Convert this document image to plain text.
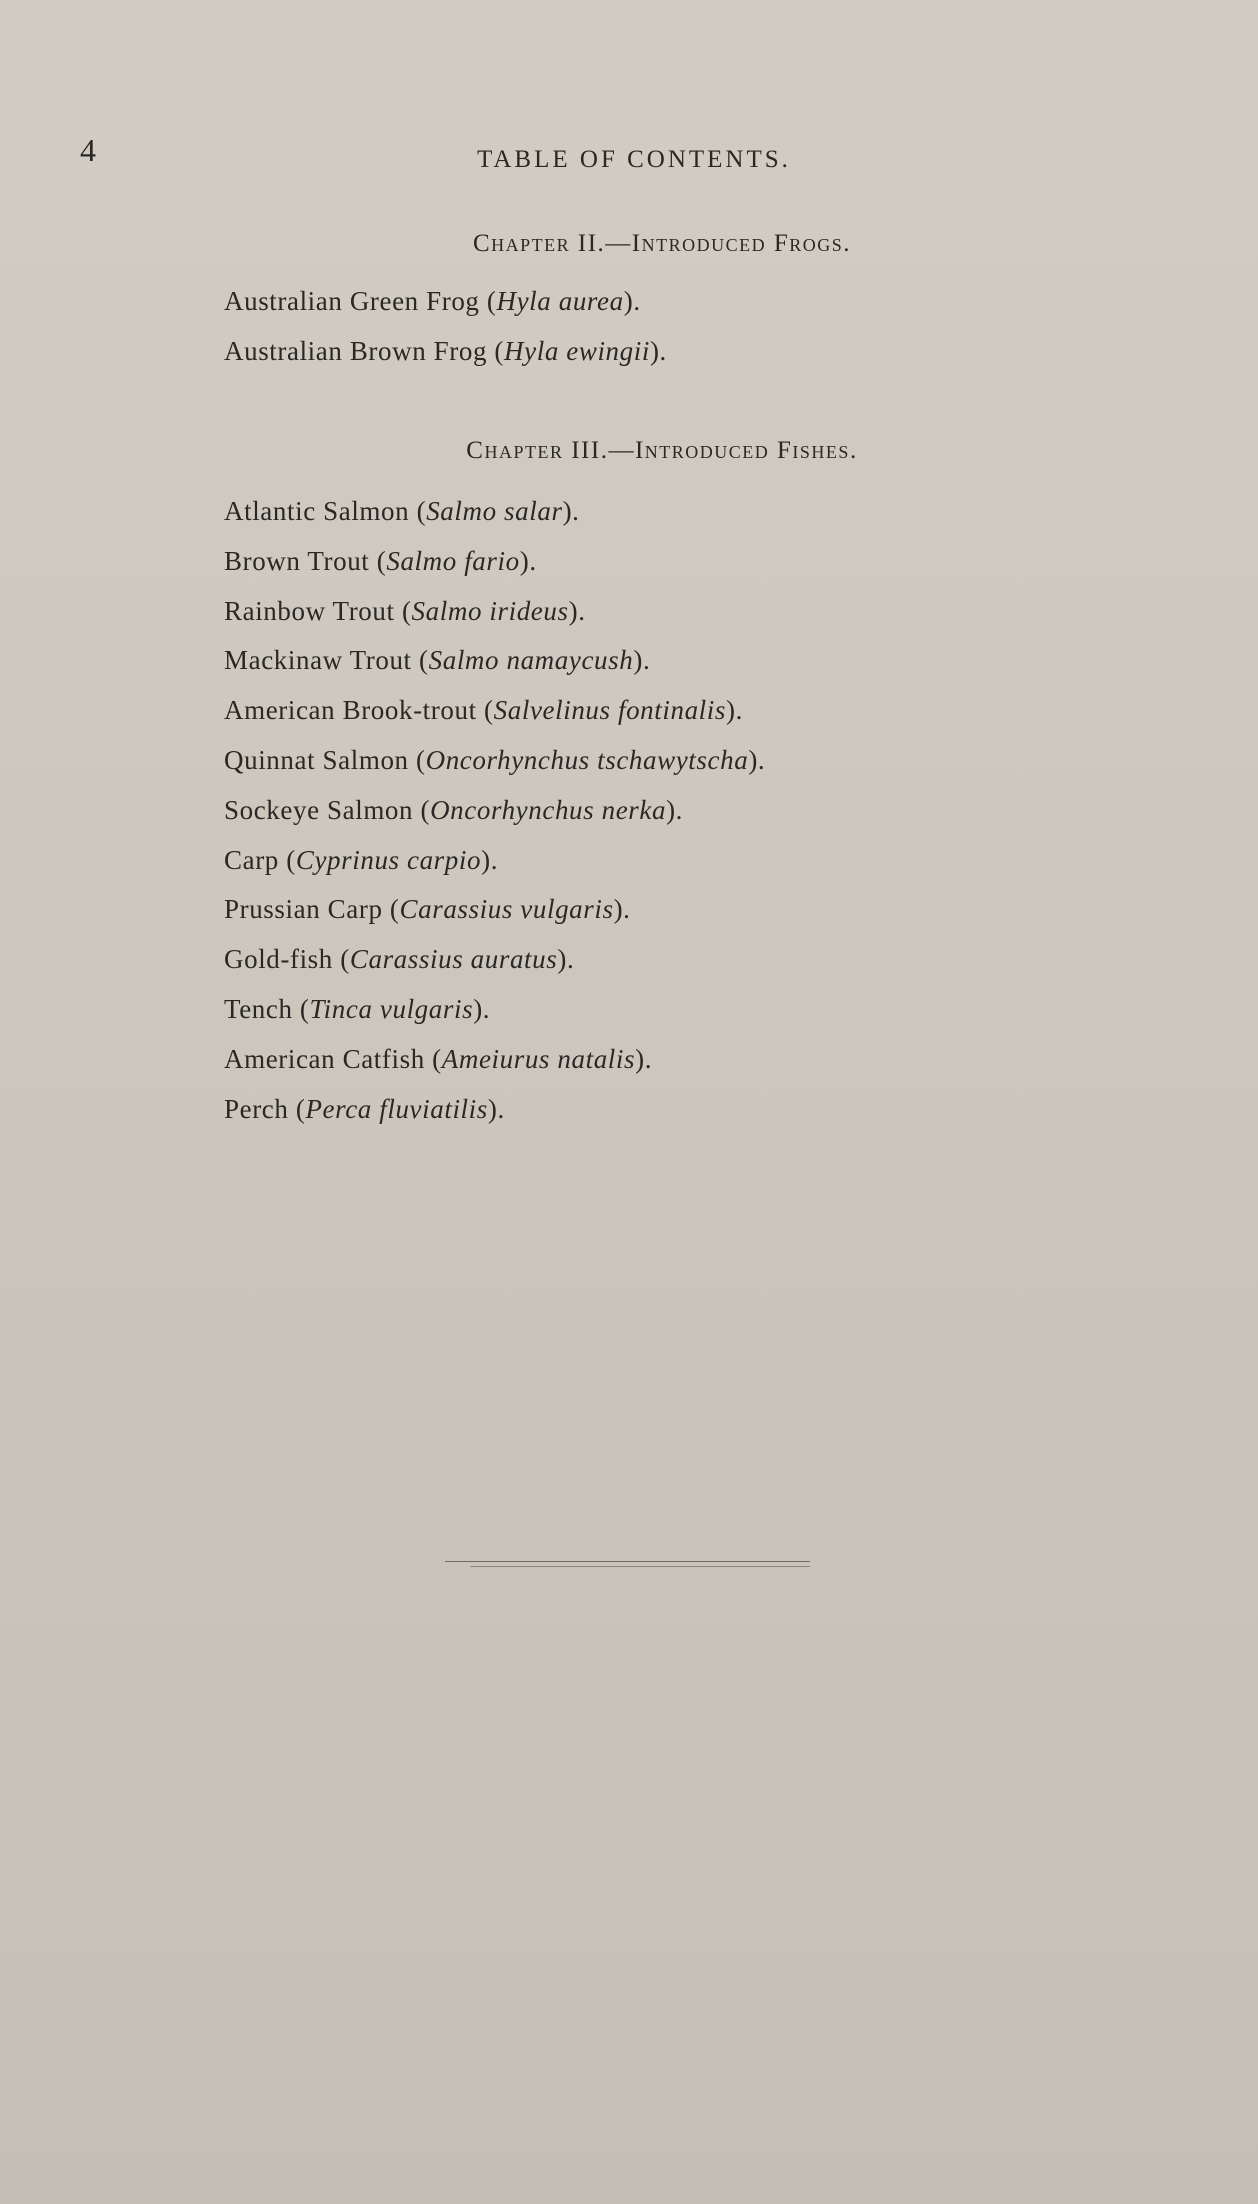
4	TABLE OF CONTENTS.
Chapter II.—Introduced Frogs.
Australian Green Frog (Hyla aurea).
Australian Brown Frog (Hyla ewingii).
Chapter III.—Introduced Fishes.
Atlantic Salmon (Salmo salar).
Brown Trout (Salmo fario).
Rainbow Trout (Salmo irideus).
Mackinaw Trout (Salmo namaycush).
American Brook-trout (Salvelinus fontinalis).
Quinnat Salmon (Oncorhynchus tschawytscha).
Sockeye Salmon (Oncorhynchus nerka).
Carp (Cyprinus carpio).
Prussian Carp (Carassius vulgaris).
Gold-fish (Carassius auratus).
Tench (Tinca vulgaris).
American Catfish (Ameiurus natalis).
Perch (Perca fluviatilis).
